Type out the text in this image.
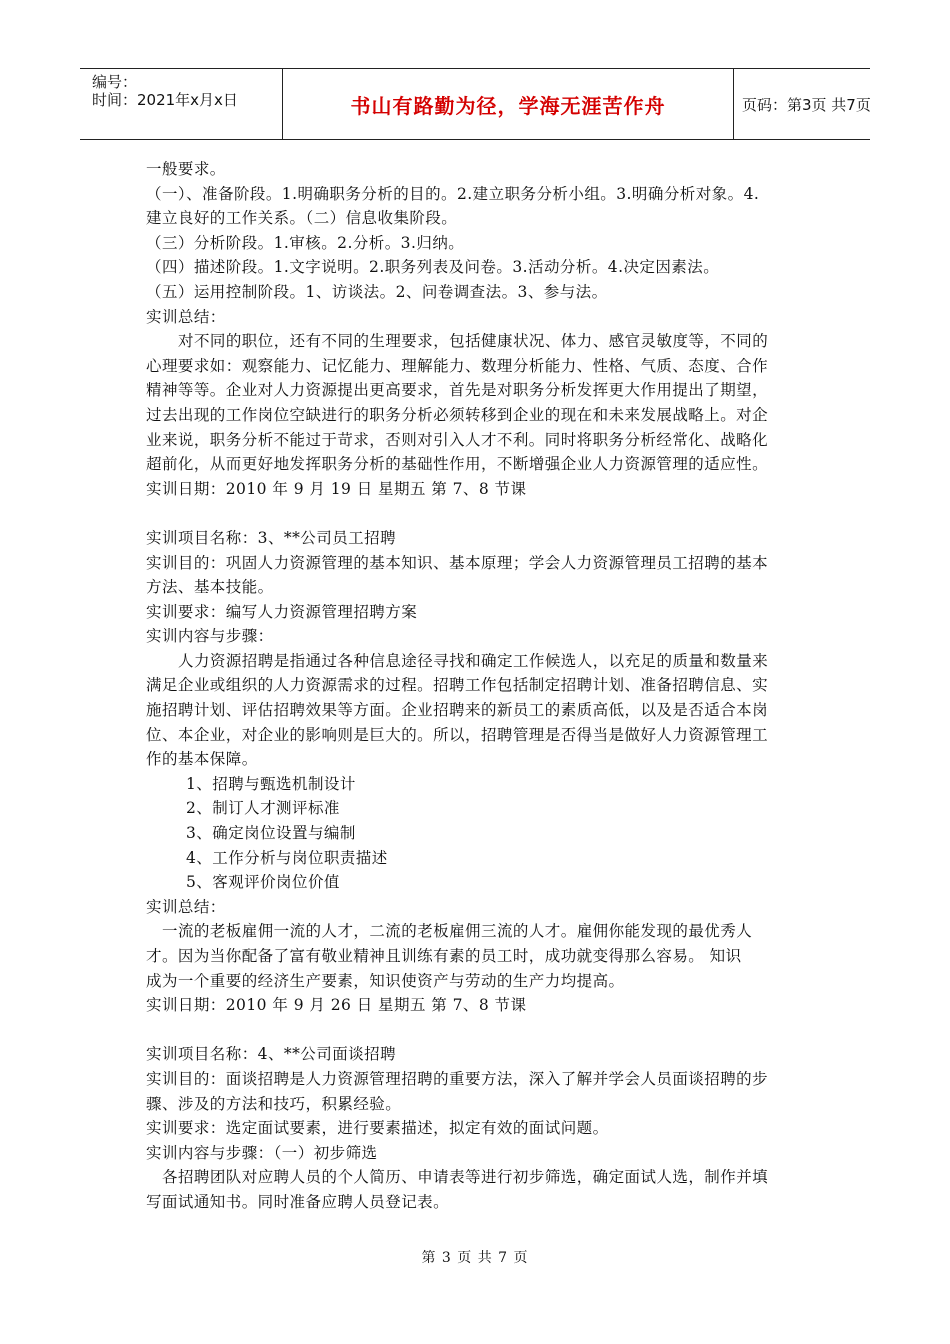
编号：
时间：2021年x月x日	书山有路勤为径，学海无涯苦作舟	页码：第3页 共7页
一般要求。
（一）、准备阶段。1.明确职务分析的目的。2.建立职务分析小组。3.明确分析对象。4.
建立良好的工作关系。（二）信息收集阶段。
（三）分析阶段。1.审核。2.分析。3.归纳。
（四）描述阶段。1.文字说明。2.职务列表及问卷。3.活动分析。4.决定因素法。
（五）运用控制阶段。1、访谈法。2、问卷调查法。3、参与法。
实训总结：
对不同的职位，还有不同的生理要求，包括健康状况、体力、感官灵敏度等，不同的
心理要求如：观察能力、记忆能力、理解能力、数理分析能力、性格、气质、态度、合作
精神等等。企业对人力资源提出更高要求，首先是对职务分析发挥更大作用提出了期望，
过去出现的工作岗位空缺进行的职务分析必须转移到企业的现在和未来发展战略上。对企
业来说，职务分析不能过于苛求，否则对引入人才不利。同时将职务分析经常化、战略化
超前化，从而更好地发挥职务分析的基础性作用，不断增强企业人力资源管理的适应性。
实训日期：2010 年 9 月 19 日 星期五 第 7、8 节课
实训项目名称：3、**公司员工招聘
实训目的：巩固人力资源管理的基本知识、基本原理；学会人力资源管理员工招聘的基本
方法、基本技能。
实训要求：编写人力资源管理招聘方案
实训内容与步骤：
人力资源招聘是指通过各种信息途径寻找和确定工作候选人，以充足的质量和数量来
满足企业或组织的人力资源需求的过程。招聘工作包括制定招聘计划、准备招聘信息、实
施招聘计划、评估招聘效果等方面。企业招聘来的新员工的素质高低，以及是否适合本岗
位、本企业，对企业的影响则是巨大的。所以，招聘管理是否得当是做好人力资源管理工
作的基本保障。
1、招聘与甄选机制设计
2、制订人才测评标准
3、确定岗位设置与编制
4、工作分析与岗位职责描述
5、客观评价岗位价值
实训总结：
一流的老板雇佣一流的人才，二流的老板雇佣三流的人才。雇佣你能发现的最优秀人
才。因为当你配备了富有敬业精神且训练有素的员工时，成功就变得那么容易。 知识
成为一个重要的经济生产要素，知识使资产与劳动的生产力均提高。
实训日期：2010 年 9 月 26 日 星期五 第 7、8 节课
实训项目名称：4、**公司面谈招聘
实训目的：面谈招聘是人力资源管理招聘的重要方法，深入了解并学会人员面谈招聘的步
骤、涉及的方法和技巧，积累经验。
实训要求：选定面试要素，进行要素描述，拟定有效的面试问题。
实训内容与步骤：（一）初步筛选
各招聘团队对应聘人员的个人简历、申请表等进行初步筛选，确定面试人选，制作并填
写面试通知书。同时准备应聘人员登记表。
第 3 页 共 7 页
